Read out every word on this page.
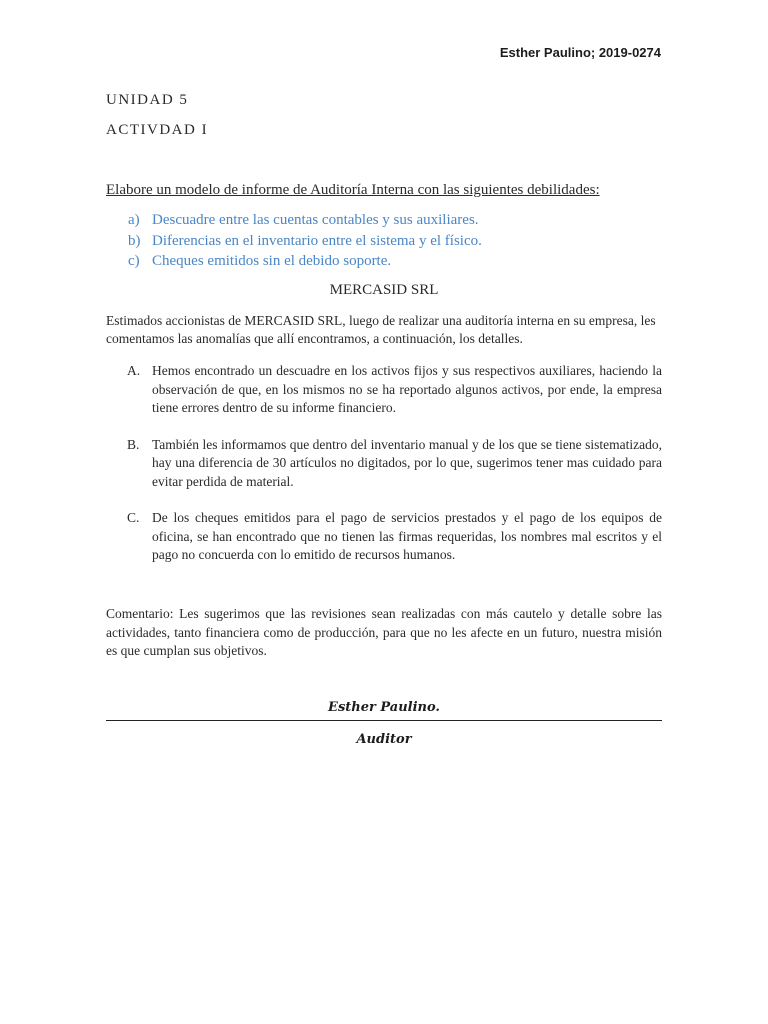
Esther Paulino; 2019-0274
UNIDAD 5
ACTIVDAD I
Elabore un modelo de informe de Auditoría Interna con las siguientes debilidades:
a) Descuadre entre las cuentas contables y sus auxiliares.
b) Diferencias en el inventario entre el sistema y el físico.
c) Cheques emitidos sin el debido soporte.
MERCASID SRL
Estimados accionistas de MERCASID SRL, luego de realizar una auditoría interna en su empresa, les comentamos las anomalías que allí encontramos, a continuación, los detalles.
A. Hemos encontrado un descuadre en los activos fijos y sus respectivos auxiliares, haciendo la observación de que, en los mismos no se ha reportado algunos activos, por ende, la empresa tiene errores dentro de su informe financiero.
B. También les informamos que dentro del inventario manual y de los que se tiene sistematizado, hay una diferencia de 30 artículos no digitados, por lo que, sugerimos tener mas cuidado para evitar perdida de material.
C. De los cheques emitidos para el pago de servicios prestados y el pago de los equipos de oficina, se han encontrado que no tienen las firmas requeridas, los nombres mal escritos y el pago no concuerda con lo emitido de recursos humanos.
Comentario: Les sugerimos que las revisiones sean realizadas con más cautelo y detalle sobre las actividades, tanto financiera como de producción, para que no les afecte en un futuro, nuestra misión es que cumplan sus objetivos.
Esther Paulino.
Auditor
